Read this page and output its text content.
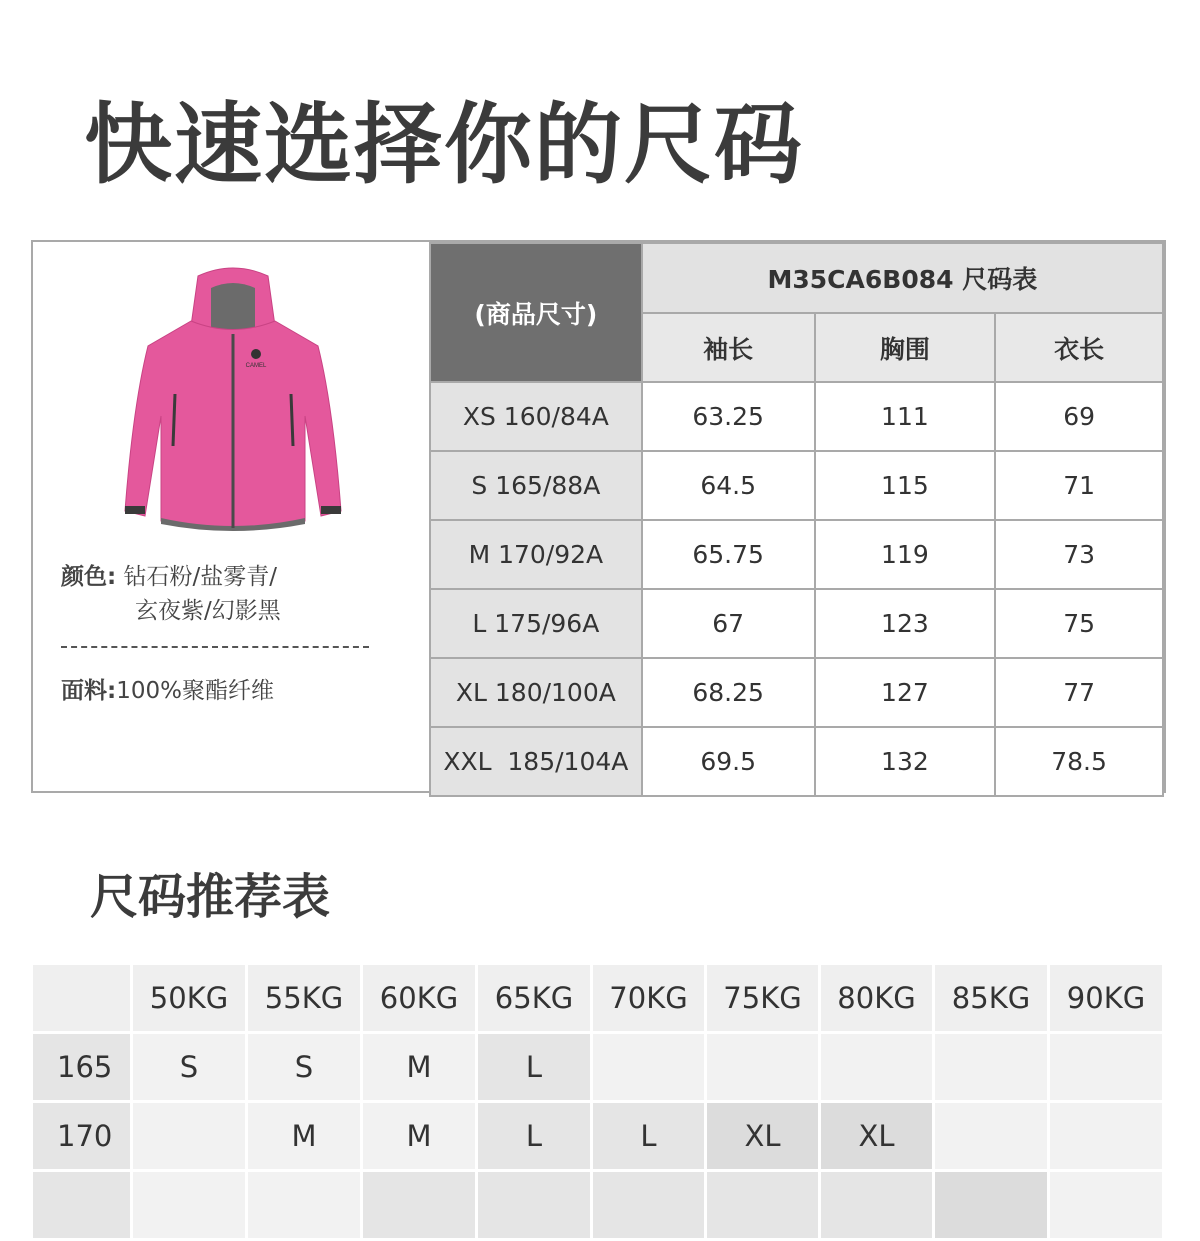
快速选择你的尺码
CAMEL
颜色: 钻石粉/盐雾青/
玄夜紫/幻影黑
面料:100%聚酯纤维
(商品尺寸)	M35CA6B084 尺码表		
	袖长	胸围	衣长
XS 160/84A	63.25	111	69
S 165/88A	64.5	115	71
M 170/92A	65.75	119	73
L 175/96A	67	123	75
XL 180/100A	68.25	127	77
XXL  185/104A	69.5	132	78.5
尺码推荐表
	50KG	55KG	60KG	65KG	70KG	75KG	80KG	85KG	90KG
165	S	S	M	L					
170		M	M	L	L	XL	XL		
